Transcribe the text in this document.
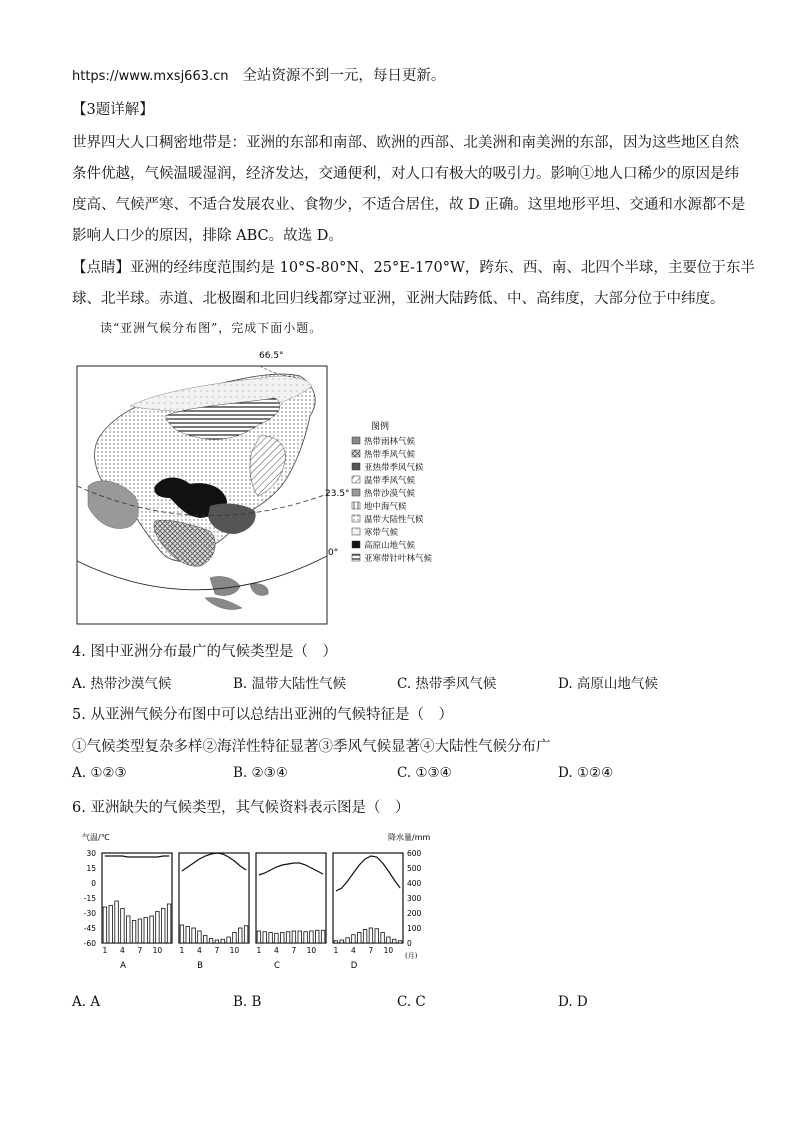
https://www.mxsj663.cn 全站资源不到一元，每日更新。
【3题详解】
世界四大人口稠密地带是：亚洲的东部和南部、欧洲的西部、北美洲和南美洲的东部，因为这些地区自然
条件优越，气候温暖湿润，经济发达，交通便利，对人口有极大的吸引力。影响①地人口稀少的原因是纬
度高、气候严寒、不适合发展农业、食物少，不适合居住，故 D 正确。这里地形平坦、交通和水源都不是
影响人口少的原因，排除 ABC。故选 D。
【点睛】亚洲的经纬度范围约是 10°S-80°N、25°E-170°W，跨东、西、南、北四个半球，主要位于东半
球、北半球。赤道、北极圈和北回归线都穿过亚洲，亚洲大陆跨低、中、高纬度，大部分位于中纬度。
读“亚洲气候分布图”，完成下面小题。
66.5°
23.5°
0°
图例
热带雨林气候
热带季风气候
亚热带季风气候
温带季风气候
热带沙漠气候
地中海气候
温带大陆性气候
寒带气候
高原山地气候
亚寒带针叶林气候
4. 图中亚洲分布最广的气候类型是（　）
A. 热带沙漠气候	B. 温带大陆性气候	C. 热带季风气候	D. 高原山地气候
5. 从亚洲气候分布图中可以总结出亚洲的气候特征是（　）
①气候类型复杂多样②海洋性特征显著③季风气候显著④大陆性气候分布广
A. ①②③	B. ②③④	C. ①③④	D. ①②④
6. 亚洲缺失的气候类型，其气候资料表示图是（　）
气温/℃	降水量/mm
(月)
30
15
0
-15
-30
-45
-60
600
500
400
300
200
100
0
1 4 7 10
A
1 4 7 10
B
1 4 7 10
C
1 4 7 10
D
A. A	B. B	C. C	D. D
